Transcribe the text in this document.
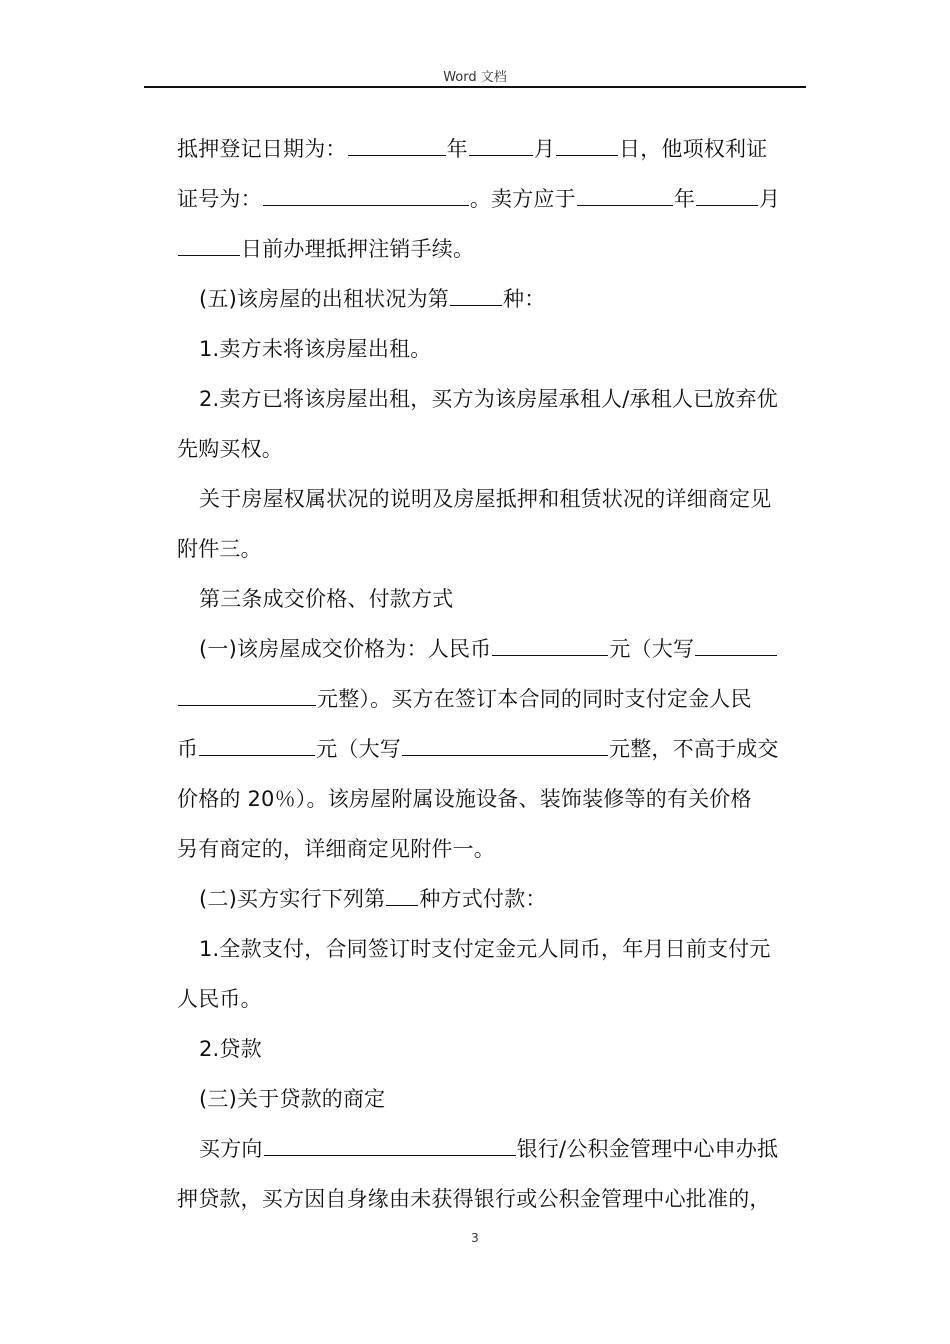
Word 文档
抵押登记日期为：	年	月	日，他项权利证
证号为：	。卖方应于	年	月
日前办理抵押注销手续。
(五)该房屋的出租状况为第	种：
1.卖方未将该房屋出租。
2.卖方已将该房屋出租，买方为该房屋承租人/承租人已放弃优
先购买权。
关于房屋权属状况的说明及房屋抵押和租赁状况的详细商定见
附件三。
第三条成交价格、付款方式
(一)该房屋成交价格为：人民币	元（大写
元整）。买方在签订本合同的同时支付定金人民
币	元（大写	元整，不高于成交
价格的 20％）。该房屋附属设施设备、装饰装修等的有关价格
另有商定的，详细商定见附件一。
(二)买方实行下列第 种方式付款：
1.全款支付，合同签订时支付定金元人同币，年月日前支付元
人民币。
2.贷款
(三)关于贷款的商定
买方向	银行/公积金管理中心申办抵
押贷款，买方因自身缘由未获得银行或公积金管理中心批准的，
3
